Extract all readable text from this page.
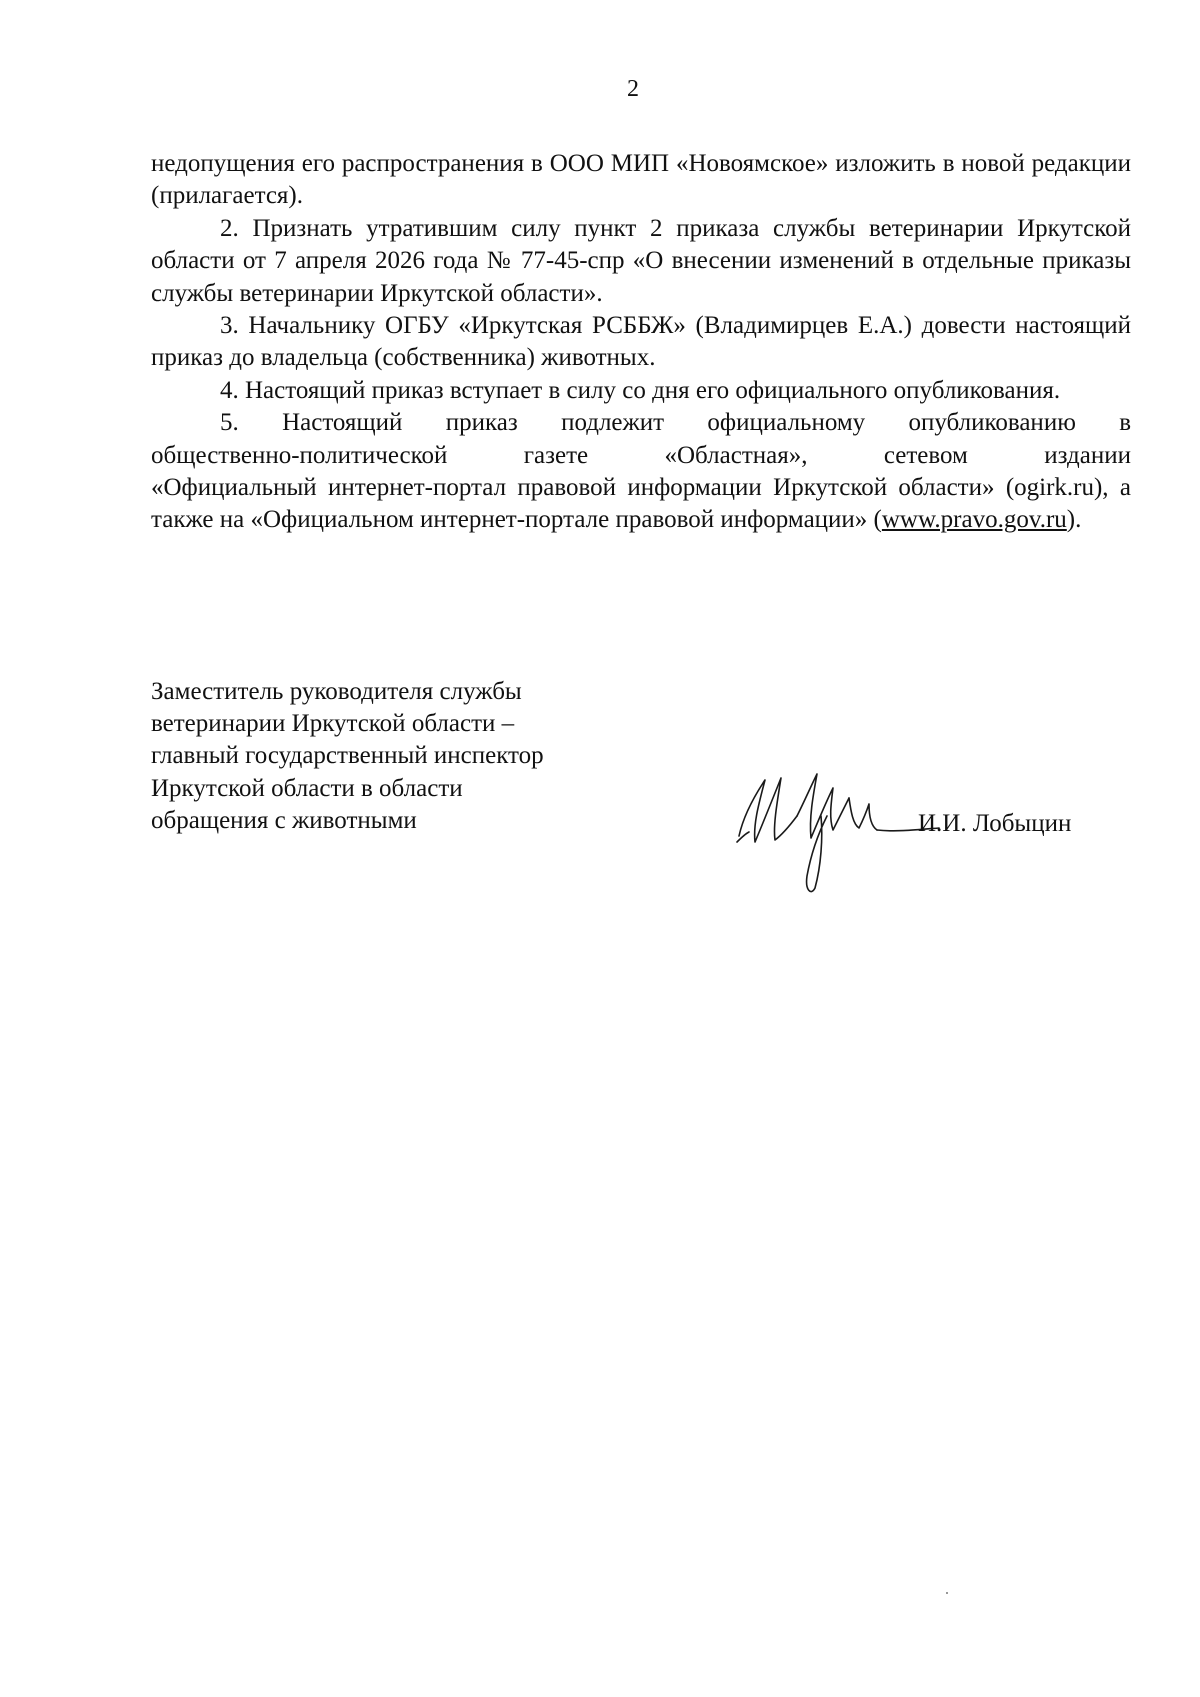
2

недопущения его распространения в ООО МИП «Новоямское» изложить в новой редакции (прилагается).

2. Признать утратившим силу пункт 2 приказа службы ветеринарии Иркутской области от 7 апреля 2026 года № 77-45-спр «О внесении изменений в отдельные приказы службы ветеринарии Иркутской области».

3. Начальнику ОГБУ «Иркутская РСББЖ» (Владимирцев Е.А.) довести настоящий приказ до владельца (собственника) животных.

4. Настоящий приказ вступает в силу со дня его официального опубликования.

5. Настоящий приказ подлежит официальному опубликованию в

общественно-политической газете «Областная», сетевом издании

«Официальный интернет-портал правовой информации Иркутской области» (ogirk.ru), а также на «Официальном интернет-портале правовой информации» (www.pravo.gov.ru).

Заместитель руководителя службы
ветеринарии Иркутской области –
главный государственный инспектор
Иркутской области в области
обращения с животными	И.И. Лобыцин
